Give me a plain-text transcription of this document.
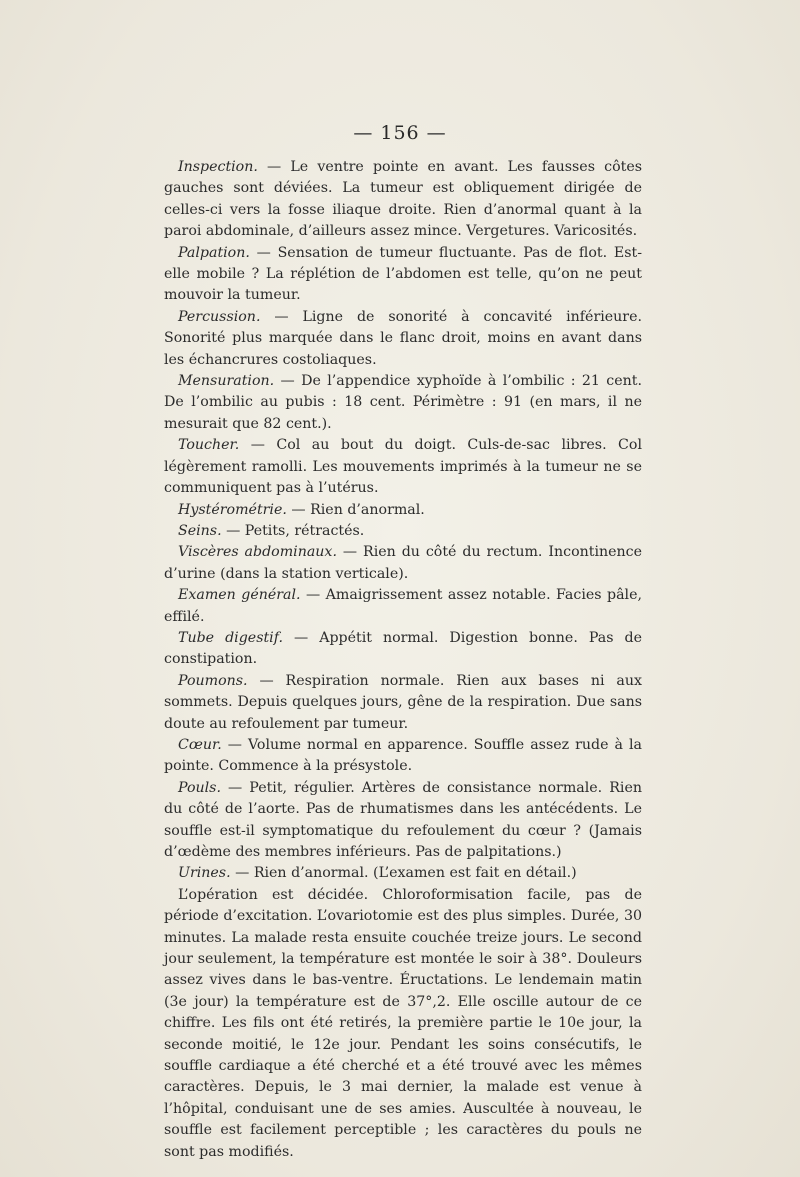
— 156 —

Inspection. — Le ventre pointe en avant. Les fausses côtes gauches sont déviées. La tumeur est obliquement dirigée de celles-ci vers la fosse iliaque droite. Rien d’anormal quant à la paroi abdominale, d’ailleurs assez mince. Vergetures. Varicosités.

Palpation. — Sensation de tumeur fluctuante. Pas de flot. Est-elle mobile ? La réplétion de l’abdomen est telle, qu’on ne peut mouvoir la tumeur.

Percussion. — Ligne de sonorité à concavité inférieure. Sonorité plus marquée dans le flanc droit, moins en avant dans les échancrures costoliaques.

Mensuration. — De l’appendice xyphoïde à l’ombilic : 21 cent. De l’ombilic au pubis : 18 cent. Périmètre : 91 (en mars, il ne mesurait que 82 cent.).

Toucher. — Col au bout du doigt. Culs-de-sac libres. Col légèrement ramolli. Les mouvements imprimés à la tumeur ne se communiquent pas à l’utérus.

Hystérométrie. — Rien d’anormal.

Seins. — Petits, rétractés.

Viscères abdominaux. — Rien du côté du rectum. Incontinence d’urine (dans la station verticale).

Examen général. — Amaigrissement assez notable. Facies pâle, effilé.

Tube digestif. — Appétit normal. Digestion bonne. Pas de constipation.

Poumons. — Respiration normale. Rien aux bases ni aux sommets. Depuis quelques jours, gêne de la respiration. Due sans doute au refoulement par tumeur.

Cœur. — Volume normal en apparence. Souffle assez rude à la pointe. Commence à la présystole.

Pouls. — Petit, régulier. Artères de consistance normale. Rien du côté de l’aorte. Pas de rhumatismes dans les antécédents. Le souffle est-il symptomatique du refoulement du cœur ? (Jamais d’œdème des membres inférieurs. Pas de palpitations.)

Urines. — Rien d’anormal. (L’examen est fait en détail.)

L’opération est décidée. Chloroformisation facile, pas de période d’excitation. L’ovariotomie est des plus simples. Durée, 30 minutes. La malade resta ensuite couchée treize jours. Le second jour seulement, la température est montée le soir à 38°. Douleurs assez vives dans le bas-ventre. Éructations. Le lendemain matin (3e jour) la température est de 37°,2. Elle oscille autour de ce chiffre. Les fils ont été retirés, la première partie le 10e jour, la seconde moitié, le 12e jour. Pendant les soins consécutifs, le souffle cardiaque a été cherché et a été trouvé avec les mêmes caractères. Depuis, le 3 mai dernier, la malade est venue à l’hôpital, conduisant une de ses amies. Auscultée à nouveau, le souffle est facilement perceptible ; les caractères du pouls ne sont pas modifiés.
